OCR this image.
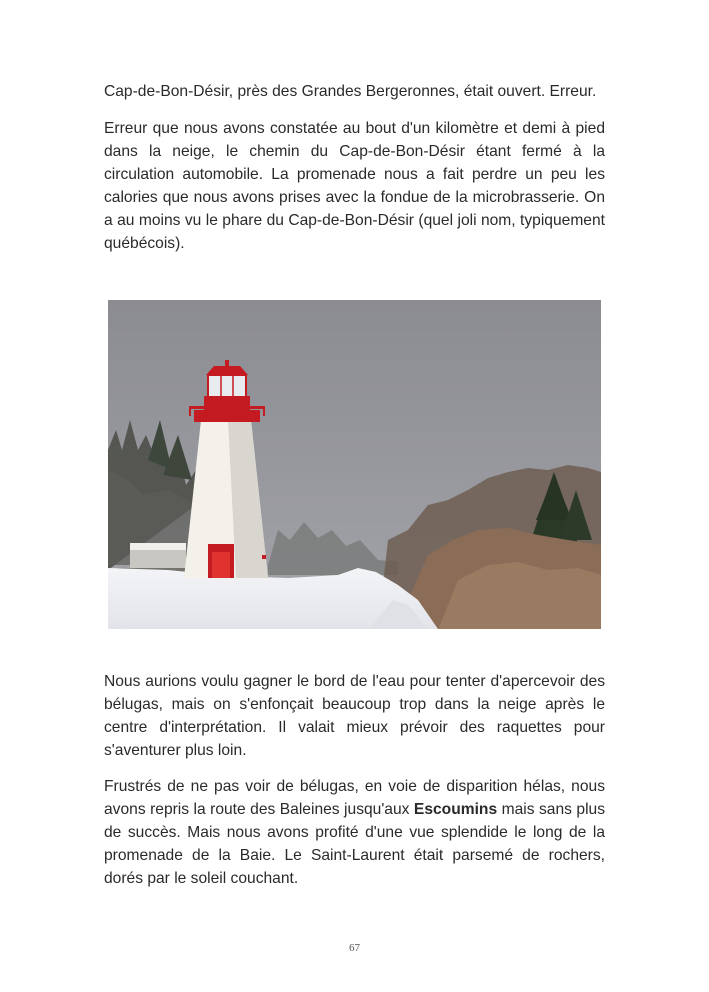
Cap-de-Bon-Désir, près des Grandes Bergeronnes, était ouvert. Erreur.

Erreur que nous avons constatée au bout d'un kilomètre et demi à pied dans la neige, le chemin du Cap-de-Bon-Désir étant fermé à la circulation automobile. La promenade nous a fait perdre un peu les calories que nous avons prises avec la fondue de la microbrasserie. On a au moins vu le phare du Cap-de-Bon-Désir (quel joli nom, typiquement québécois).

Nous aurions voulu gagner le bord de l'eau pour tenter d'apercevoir des bélugas, mais on s'enfonçait beaucoup trop dans la neige après le centre d'interprétation. Il valait mieux prévoir des raquettes pour s'aventurer plus loin.

Frustrés de ne pas voir de bélugas, en voie de disparition hélas, nous avons repris la route des Baleines jusqu'aux Escoumins mais sans plus de succès. Mais nous avons profité d'une vue splendide le long de la promenade de la Baie. Le Saint-Laurent était parsemé de rochers, dorés par le soleil couchant.

67
